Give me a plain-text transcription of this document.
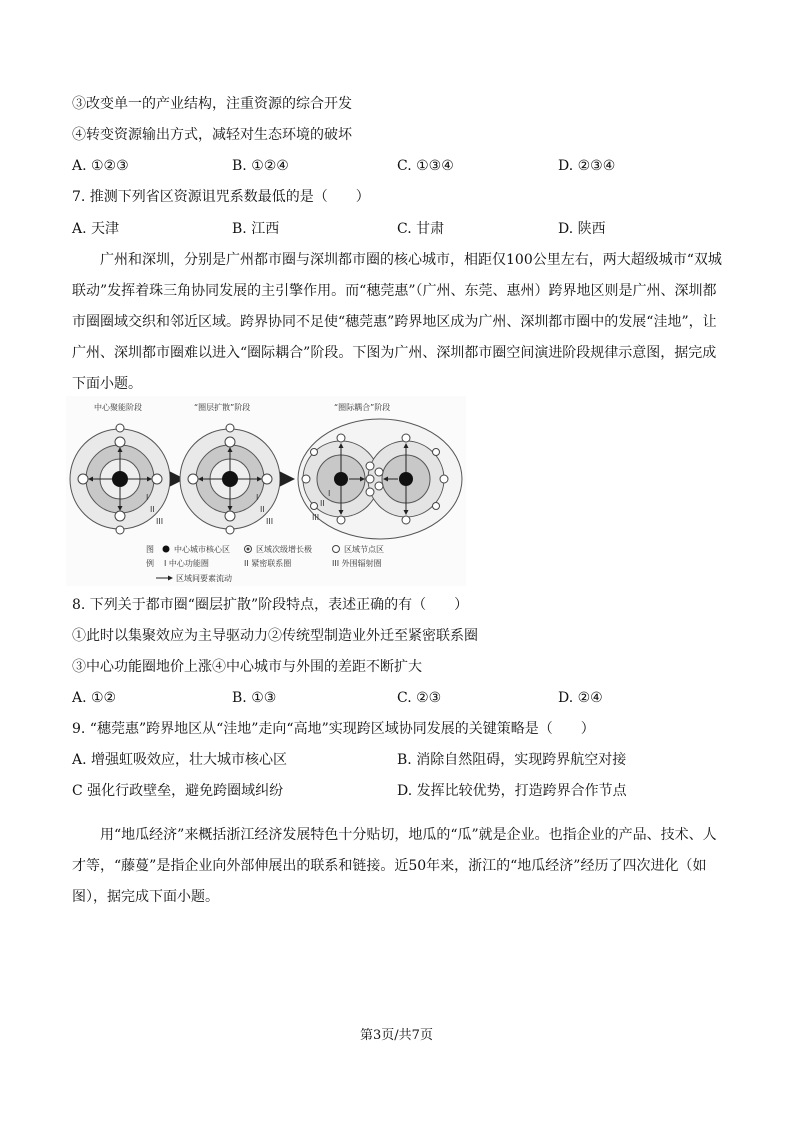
③改变单一的产业结构，注重资源的综合开发
④转变资源输出方式，减轻对生态环境的破坏
A. ①②③	B. ①②④	C. ①③④	D. ②③④
7. 推测下列省区资源诅咒系数最低的是（　　）
A. 天津	B. 江西	C. 甘肃	D. 陕西
广州和深圳，分别是广州都市圈与深圳都市圈的核心城市，相距仅100公里左右，两大超级城市“双城联动”发挥着珠三角协同发展的主引擎作用。而“穗莞惠”（广州、东莞、惠州）跨界地区则是广州、深圳都市圈圈域交织和邻近区域。跨界协同不足使“穗莞惠”跨界地区成为广州、深圳都市圈中的发展“洼地”，让广州、深圳都市圈难以进入“圈际耦合”阶段。下图为广州、深圳都市圈空间演进阶段规律示意图，据完成下面小题。
中心聚能阶段	“圈层扩散”阶段	“圈际耦合”阶段
I
II
III
I
II
III
I
II
III
图
例
中心城市核心区	区域次级增长极	区域节点区
I 中心功能圈	II 紧密联系圈	III 外围辐射圈
区域间要素流动
8. 下列关于都市圈“圈层扩散”阶段特点，表述正确的有（　　）
①此时以集聚效应为主导驱动力②传统型制造业外迁至紧密联系圈
③中心功能圈地价上涨④中心城市与外围的差距不断扩大
A. ①②	B. ①③	C. ②③	D. ②④
9. “穗莞惠”跨界地区从“洼地”走向“高地”实现跨区域协同发展的关键策略是（　　）
A. 增强虹吸效应，壮大城市核心区	B. 消除自然阻碍，实现跨界航空对接
C 强化行政壁垒，避免跨圈域纠纷	D. 发挥比较优势，打造跨界合作节点
用“地瓜经济”来概括浙江经济发展特色十分贴切，地瓜的“瓜”就是企业。也指企业的产品、技术、人才等，“藤蔓”是指企业向外部伸展出的联系和链接。近50年来，浙江的“地瓜经济”经历了四次进化（如图），据完成下面小题。
第3页/共7页
